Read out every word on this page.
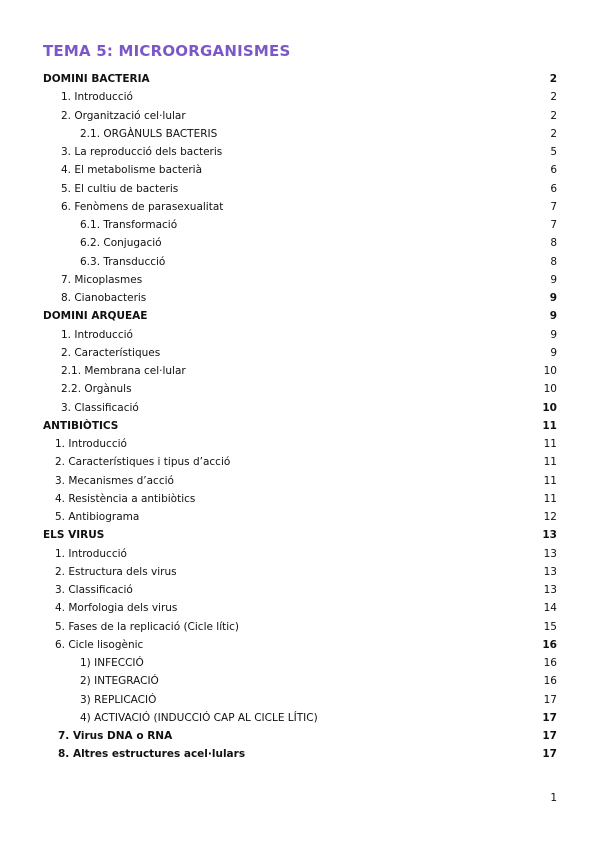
TEMA 5: MICROORGANISMES
DOMINI BACTERIA	2
1. Introducció	2
2. Organització cel·lular	2
2.1. ORGÀNULS BACTERIS	2
3. La reproducció dels bacteris	5
4. El metabolisme bacterià	6
5. El cultiu de bacteris	6
6. Fenòmens de parasexualitat	7
6.1. Transformació	7
6.2. Conjugació	8
6.3. Transducció	8
7. Micoplasmes	9
8. Cianobacteris	9
DOMINI ARQUEAE	9
1. Introducció	9
2. Característiques	9
2.1. Membrana cel·lular	10
2.2. Orgànuls	10
3. Classificació	10
ANTIBIÒTICS	11
1. Introducció	11
2. Característiques i tipus d’acció	11
3. Mecanismes d’acció	11
4. Resistència a antibiòtics	11
5. Antibiograma	12
ELS VIRUS	13
1. Introducció	13
2. Estructura dels virus	13
3. Classificació	13
4. Morfologia dels virus	14
5. Fases de la replicació (Cicle lític)	15
6. Cicle lisogènic	16
1) INFECCIÓ	16
2) INTEGRACIÓ	16
3) REPLICACIÓ	17
4) ACTIVACIÓ (INDUCCIÓ CAP AL CICLE LÍTIC)	17
7. Virus DNA o RNA	17
8. Altres estructures acel·lulars	17
1
